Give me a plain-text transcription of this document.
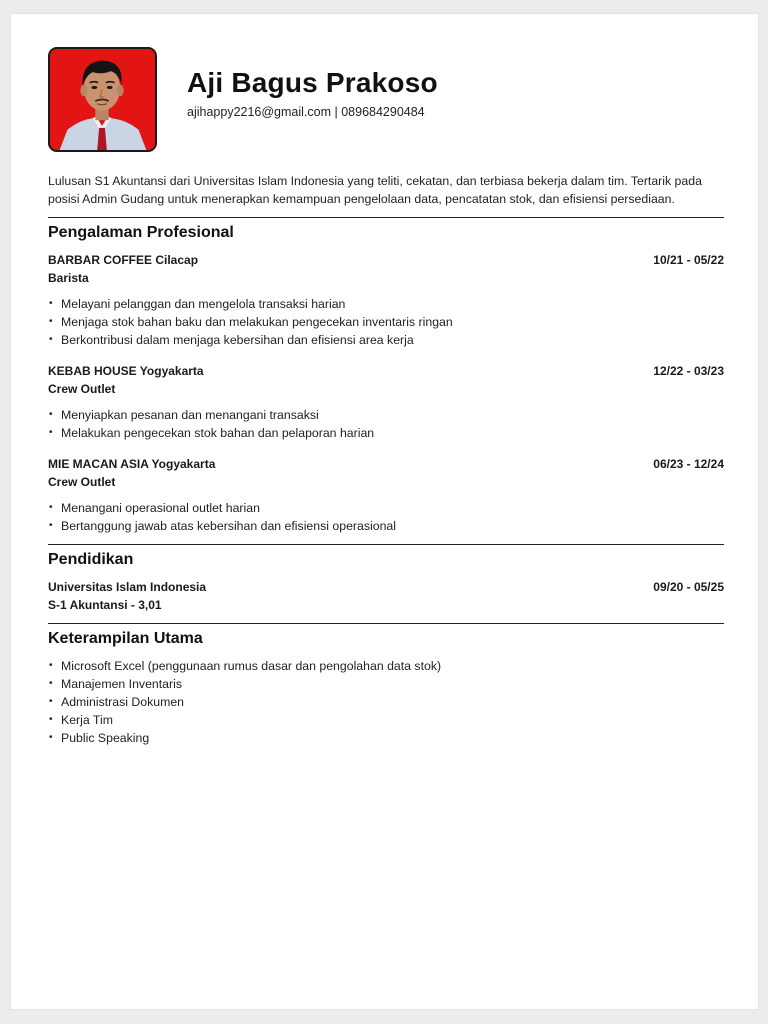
Aji Bagus Prakoso
ajihappy2216@gmail.com | 089684290484
Lulusan S1 Akuntansi dari Universitas Islam Indonesia yang teliti, cekatan, dan terbiasa bekerja dalam tim. Tertarik pada posisi Admin Gudang untuk menerapkan kemampuan pengelolaan data, pencatatan stok, dan efisiensi persediaan.
Pengalaman Profesional
BARBAR COFFEE Cilacap	10/21 - 05/22
Barista
• Melayani pelanggan dan mengelola transaksi harian
• Menjaga stok bahan baku dan melakukan pengecekan inventaris ringan
• Berkontribusi dalam menjaga kebersihan dan efisiensi area kerja
KEBAB HOUSE Yogyakarta	12/22 - 03/23
Crew Outlet
• Menyiapkan pesanan dan menangani transaksi
• Melakukan pengecekan stok bahan dan pelaporan harian
MIE MACAN ASIA Yogyakarta	06/23 - 12/24
Crew Outlet
• Menangani operasional outlet harian
• Bertanggung jawab atas kebersihan dan efisiensi operasional
Pendidikan
Universitas Islam Indonesia	09/20 - 05/25
S-1 Akuntansi - 3,01
Keterampilan Utama
• Microsoft Excel (penggunaan rumus dasar dan pengolahan data stok)
• Manajemen Inventaris
• Administrasi Dokumen
• Kerja Tim
• Public Speaking
